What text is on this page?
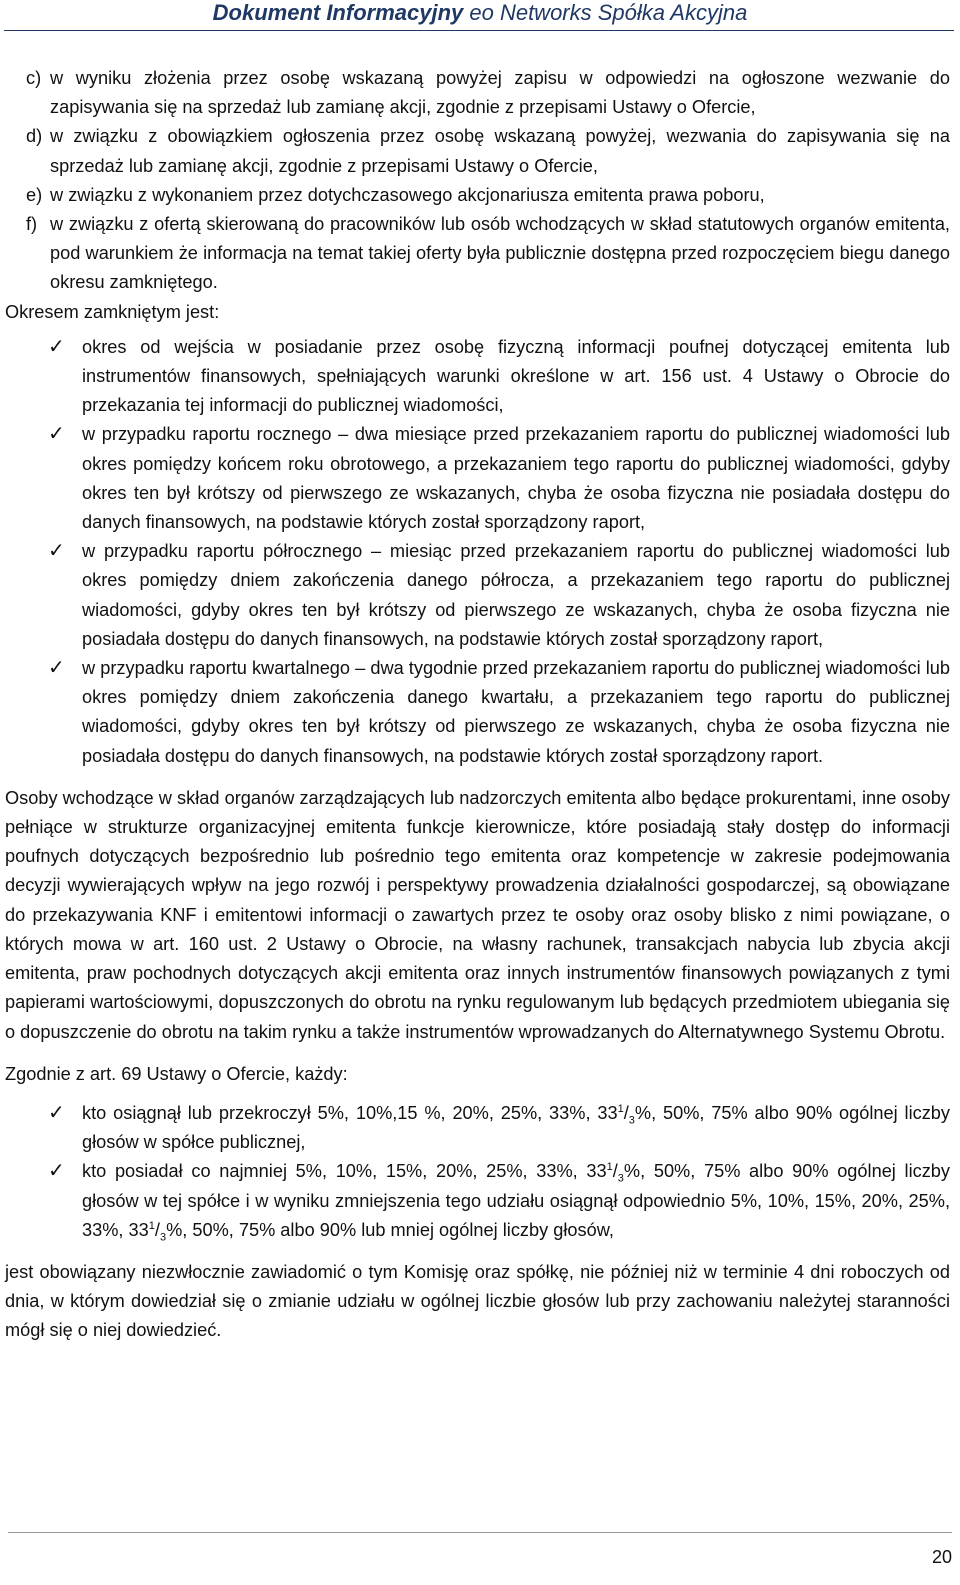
Dokument Informacyjny eo Networks Spółka Akcyjna
c) w wyniku złożenia przez osobę wskazaną powyżej zapisu w odpowiedzi na ogłoszone wezwanie do zapisywania się na sprzedaż lub zamianę akcji, zgodnie z przepisami Ustawy o Ofercie,
d) w związku z obowiązkiem ogłoszenia przez osobę wskazaną powyżej, wezwania do zapisywania się na sprzedaż lub zamianę akcji, zgodnie z przepisami Ustawy o Ofercie,
e) w związku z wykonaniem przez dotychczasowego akcjonariusza emitenta prawa poboru,
f) w związku z ofertą skierowaną do pracowników lub osób wchodzących w skład statutowych organów emitenta, pod warunkiem że informacja na temat takiej oferty była publicznie dostępna przed rozpoczęciem biegu danego okresu zamkniętego.

Okresem zamkniętym jest:

✓ okres od wejścia w posiadanie przez osobę fizyczną informacji poufnej dotyczącej emitenta lub instrumentów finansowych, spełniających warunki określone w art. 156 ust. 4 Ustawy o Obrocie do przekazania tej informacji do publicznej wiadomości,
✓ w przypadku raportu rocznego – dwa miesiące przed przekazaniem raportu do publicznej wiadomości lub okres pomiędzy końcem roku obrotowego, a przekazaniem tego raportu do publicznej wiadomości, gdyby okres ten był krótszy od pierwszego ze wskazanych, chyba że osoba fizyczna nie posiadała dostępu do danych finansowych, na podstawie których został sporządzony raport,
✓ w przypadku raportu półrocznego – miesiąc przed przekazaniem raportu do publicznej wiadomości lub okres pomiędzy dniem zakończenia danego półrocza, a przekazaniem tego raportu do publicznej wiadomości, gdyby okres ten był krótszy od pierwszego ze wskazanych, chyba że osoba fizyczna nie posiadała dostępu do danych finansowych, na podstawie których został sporządzony raport,
✓ w przypadku raportu kwartalnego – dwa tygodnie przed przekazaniem raportu do publicznej wiadomości lub okres pomiędzy dniem zakończenia danego kwartału, a przekazaniem tego raportu do publicznej wiadomości, gdyby okres ten był krótszy od pierwszego ze wskazanych, chyba że osoba fizyczna nie posiadała dostępu do danych finansowych, na podstawie których został sporządzony raport.

Osoby wchodzące w skład organów zarządzających lub nadzorczych emitenta albo będące prokurentami, inne osoby pełniące w strukturze organizacyjnej emitenta funkcje kierownicze, które posiadają stały dostęp do informacji poufnych dotyczących bezpośrednio lub pośrednio tego emitenta oraz kompetencje w zakresie podejmowania decyzji wywierających wpływ na jego rozwój i perspektywy prowadzenia działalności gospodarczej, są obowiązane do przekazywania KNF i emitentowi informacji o zawartych przez te osoby oraz osoby blisko z nimi powiązane, o których mowa w art. 160 ust. 2 Ustawy o Obrocie, na własny rachunek, transakcjach nabycia lub zbycia akcji emitenta, praw pochodnych dotyczących akcji emitenta oraz innych instrumentów finansowych powiązanych z tymi papierami wartościowymi, dopuszczonych do obrotu na rynku regulowanym lub będących przedmiotem ubiegania się o dopuszczenie do obrotu na takim rynku a także instrumentów wprowadzanych do Alternatywnego Systemu Obrotu.

Zgodnie z art. 69 Ustawy o Ofercie, każdy:

✓ kto osiągnął lub przekroczył 5%, 10%,15 %, 20%, 25%, 33%, $33^1/_3\%$, 50%, 75% albo 90% ogólnej liczby głosów w spółce publicznej,
✓ kto posiadał co najmniej 5%, 10%, 15%, 20%, 25%, 33%, $33^1/_3\%$, 50%, 75% albo 90% ogólnej liczby głosów w tej spółce i w wyniku zmniejszenia tego udziału osiągnął odpowiednio 5%, 10%, 15%, 20%, 25%, 33%, $33^1/_3\%$, 50%, 75% albo 90% lub mniej ogólnej liczby głosów,

jest obowiązany niezwłocznie zawiadomić o tym Komisję oraz spółkę, nie później niż w terminie 4 dni roboczych od dnia, w którym dowiedział się o zmianie udziału w ogólnej liczbie głosów lub przy zachowaniu należytej staranności mógł się o niej dowiedzieć.

20
